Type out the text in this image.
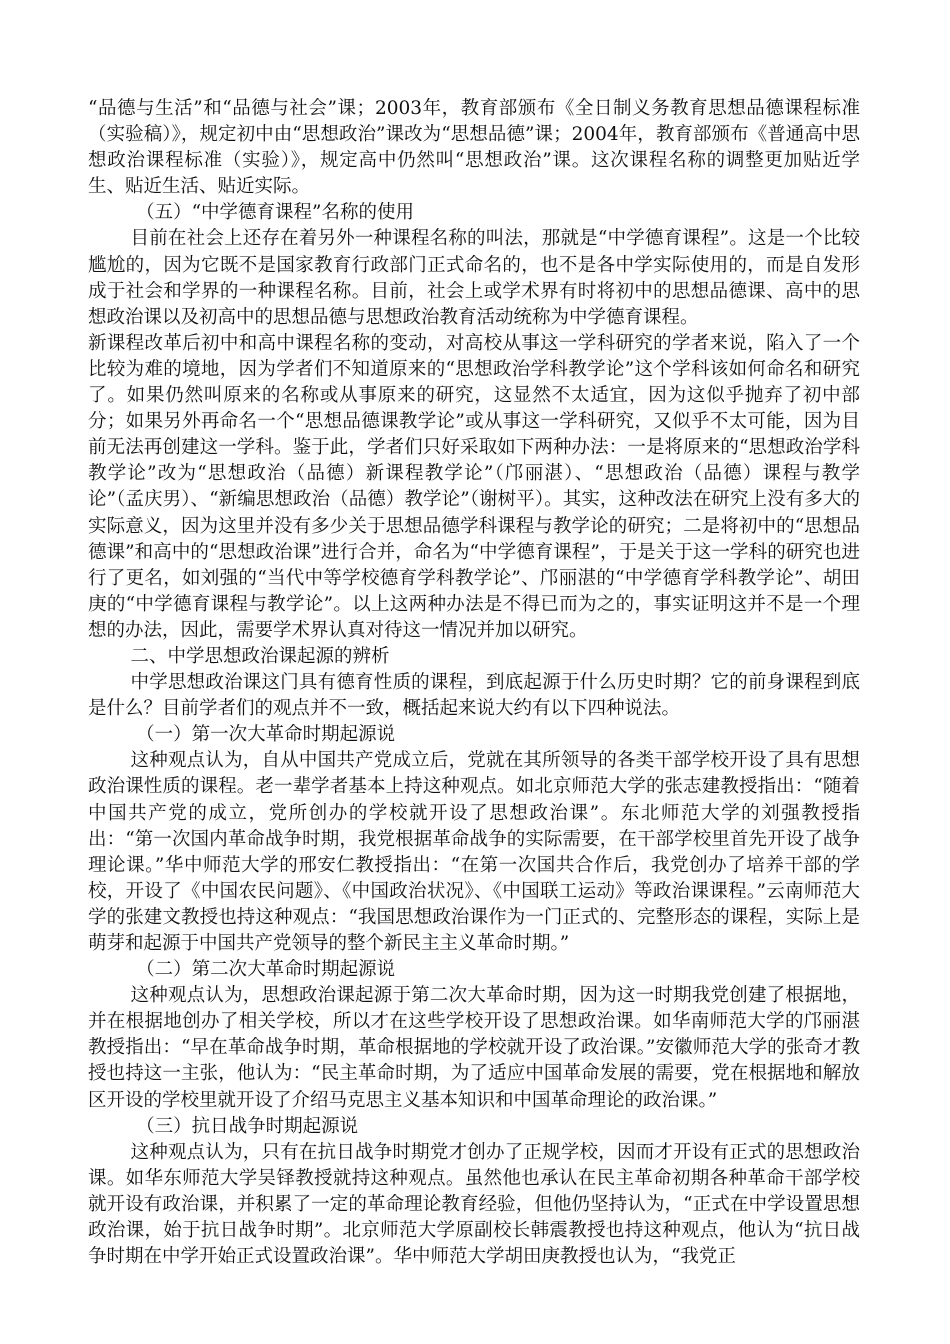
“品德与生活”和“品德与社会”课；2003年，教育部颁布《全日制义务教育思想品德课程标准（实验稿）》，规定初中由“思想政治”课改为“思想品德”课；2004年，教育部颁布《普通高中思想政治课程标准（实验）》，规定高中仍然叫“思想政治”课。这次课程名称的调整更加贴近学生、贴近生活、贴近实际。

（五）“中学德育课程”名称的使用

目前在社会上还存在着另外一种课程名称的叫法，那就是“中学德育课程”。这是一个比较尴尬的，因为它既不是国家教育行政部门正式命名的，也不是各中学实际使用的，而是自发形成于社会和学界的一种课程名称。目前，社会上或学术界有时将初中的思想品德课、高中的思想政治课以及初高中的思想品德与思想政治教育活动统称为中学德育课程。

新课程改革后初中和高中课程名称的变动，对高校从事这一学科研究的学者来说，陷入了一个比较为难的境地，因为学者们不知道原来的“思想政治学科教学论”这个学科该如何命名和研究了。如果仍然叫原来的名称或从事原来的研究，这显然不太适宜，因为这似乎抛弃了初中部分；如果另外再命名一个“思想品德课教学论”或从事这一学科研究，又似乎不太可能，因为目前无法再创建这一学科。鉴于此，学者们只好采取如下两种办法：一是将原来的“思想政治学科教学论”改为“思想政治（品德）新课程教学论”（邝丽湛）、“思想政治（品德）课程与教学论”（孟庆男）、“新编思想政治（品德）教学论”（谢树平）。其实，这种改法在研究上没有多大的实际意义，因为这里并没有多少关于思想品德学科课程与教学论的研究；二是将初中的“思想品德课”和高中的“思想政治课”进行合并，命名为“中学德育课程”，于是关于这一学科的研究也进行了更名，如刘强的“当代中等学校德育学科教学论”、邝丽湛的“中学德育学科教学论”、胡田庚的“中学德育课程与教学论”。以上这两种办法是不得已而为之的，事实证明这并不是一个理想的办法，因此，需要学术界认真对待这一情况并加以研究。

二、中学思想政治课起源的辨析

中学思想政治课这门具有德育性质的课程，到底起源于什么历史时期？它的前身课程到底是什么？目前学者们的观点并不一致，概括起来说大约有以下四种说法。

（一）第一次大革命时期起源说

这种观点认为，自从中国共产党成立后，党就在其所领导的各类干部学校开设了具有思想政治课性质的课程。老一辈学者基本上持这种观点。如北京师范大学的张志建教授指出：“随着中国共产党的成立，党所创办的学校就开设了思想政治课”。东北师范大学的刘强教授指出：“第一次国内革命战争时期，我党根据革命战争的实际需要，在干部学校里首先开设了战争理论课。”华中师范大学的邢安仁教授指出：“在第一次国共合作后，我党创办了培养干部的学校，开设了《中国农民问题》、《中国政治状况》、《中国联工运动》等政治课课程。”云南师范大学的张建文教授也持这种观点：“我国思想政治课作为一门正式的、完整形态的课程，实际上是萌芽和起源于中国共产党领导的整个新民主主义革命时期。”

（二）第二次大革命时期起源说

这种观点认为，思想政治课起源于第二次大革命时期，因为这一时期我党创建了根据地，并在根据地创办了相关学校，所以才在这些学校开设了思想政治课。如华南师范大学的邝丽湛教授指出：“早在革命战争时期，革命根据地的学校就开设了政治课。”安徽师范大学的张奇才教授也持这一主张，他认为：“民主革命时期，为了适应中国革命发展的需要，党在根据地和解放区开设的学校里就开设了介绍马克思主义基本知识和中国革命理论的政治课。”

（三）抗日战争时期起源说

这种观点认为，只有在抗日战争时期党才创办了正规学校，因而才开设有正式的思想政治课。如华东师范大学吴铎教授就持这种观点。虽然他也承认在民主革命初期各种革命干部学校就开设有政治课，并积累了一定的革命理论教育经验，但他仍坚持认为，“正式在中学设置思想政治课，始于抗日战争时期”。北京师范大学原副校长韩震教授也持这种观点，他认为“抗日战争时期在中学开始正式设置政治课”。华中师范大学胡田庚教授也认为，“我党正
